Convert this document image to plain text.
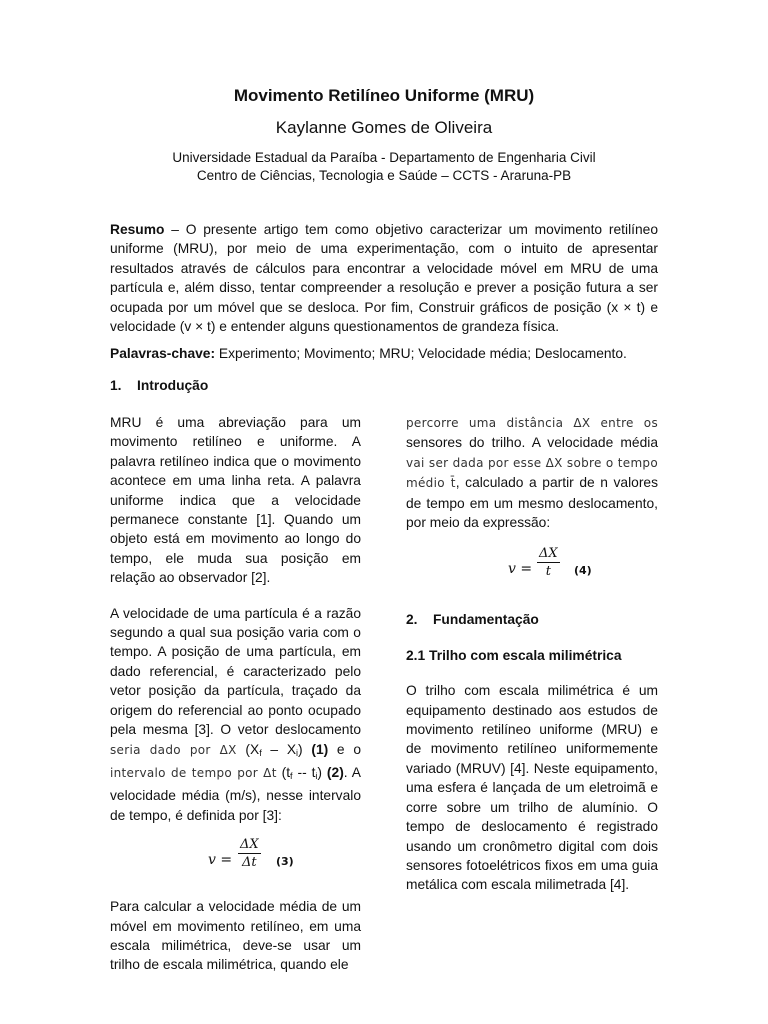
Movimento Retilíneo Uniforme (MRU)
Kaylanne Gomes de Oliveira
Universidade Estadual da Paraíba - Departamento de Engenharia Civil
Centro de Ciências, Tecnologia e Saúde – CCTS - Araruna-PB
Resumo – O presente artigo tem como objetivo caracterizar um movimento retilíneo uniforme (MRU), por meio de uma experimentação, com o intuito de apresentar resultados através de cálculos para encontrar a velocidade móvel em MRU de uma partícula e, além disso, tentar compreender a resolução e prever a posição futura a ser ocupada por um móvel que se desloca. Por fim, Construir gráficos de posição (x × t) e velocidade (v × t) e entender alguns questionamentos de grandeza física.
Palavras-chave: Experimento; Movimento; MRU; Velocidade média; Deslocamento.
1. Introdução
MRU é uma abreviação para um movimento retilíneo e uniforme. A palavra retilíneo indica que o movimento acontece em uma linha reta. A palavra uniforme indica que a velocidade permanece constante [1]. Quando um objeto está em movimento ao longo do tempo, ele muda sua posição em relação ao observador [2].
A velocidade de uma partícula é a razão segundo a qual sua posição varia com o tempo. A posição de uma partícula, em dado referencial, é caracterizado pelo vetor posição da partícula, traçado da origem do referencial ao ponto ocupado pela mesma [3]. O vetor deslocamento seria dado por ΔX $(X_f - X_i)$ (1) e o intervalo de tempo por Δt $(t_f -- t_i)$ (2). A velocidade média (m/s), nesse intervalo de tempo, é definida por [3]:
$v = \frac{\Delta X}{\Delta t} (3)$
Para calcular a velocidade média de um móvel em movimento retilíneo, em uma escala milimétrica, deve-se usar um trilho de escala milimétrica, quando ele
percorre uma distância ΔX entre os sensores do trilho. A velocidade média vai ser dada por esse ΔX sobre o tempo médio t̄, calculado a partir de n valores de tempo em um mesmo deslocamento, por meio da expressão:
$v = \frac{\Delta X}{t̄} (4)$
2. Fundamentação
2.1 Trilho com escala milimétrica
O trilho com escala milimétrica é um equipamento destinado aos estudos de movimento retilíneo uniforme (MRU) e de movimento retilíneo uniformemente variado (MRUV) [4]. Neste equipamento, uma esfera é lançada de um eletroimã e corre sobre um trilho de alumínio. O tempo de deslocamento é registrado usando um cronômetro digital com dois sensores fotoelétricos fixos em uma guia metálica com escala milimetrada [4].
